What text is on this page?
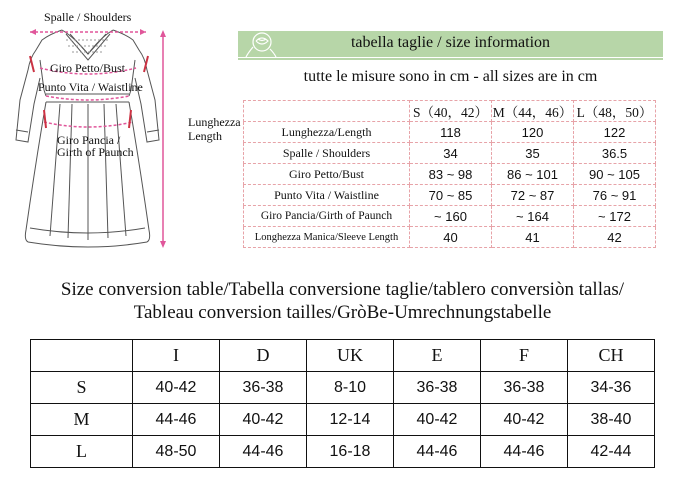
Spalle / Shoulders
Giro Petto/Bust
Punto Vita / Waistline
Lunghezza
Length
Giro Pancia /
Girth of Paunch
tabella taglie / size information
tutte le misure sono in cm - all sizes are in cm
	S（40，42）	M（44，46）	L（48，50）
Lunghezza/Length	118	120	122
Spalle / Shoulders	34	35	36.5
Giro Petto/Bust	83 ~ 98	86 ~ 101	90 ~ 105
Punto Vita / Waistline	70 ~ 85	72 ~ 87	76 ~ 91
Giro Pancia/Girth of Paunch	~ 160	~ 164	~ 172
Longhezza Manica/Sleeve Length	40	41	42
Size conversion table/Tabella conversione taglie/tablero conversiòn tallas/
Tableau conversion tailles/GròBe-Umrechnungstabelle
	I	D	UK	E	F	CH
S	40-42	36-38	8-10	36-38	36-38	34-36
M	44-46	40-42	12-14	40-42	40-42	38-40
L	48-50	44-46	16-18	44-46	44-46	42-44
